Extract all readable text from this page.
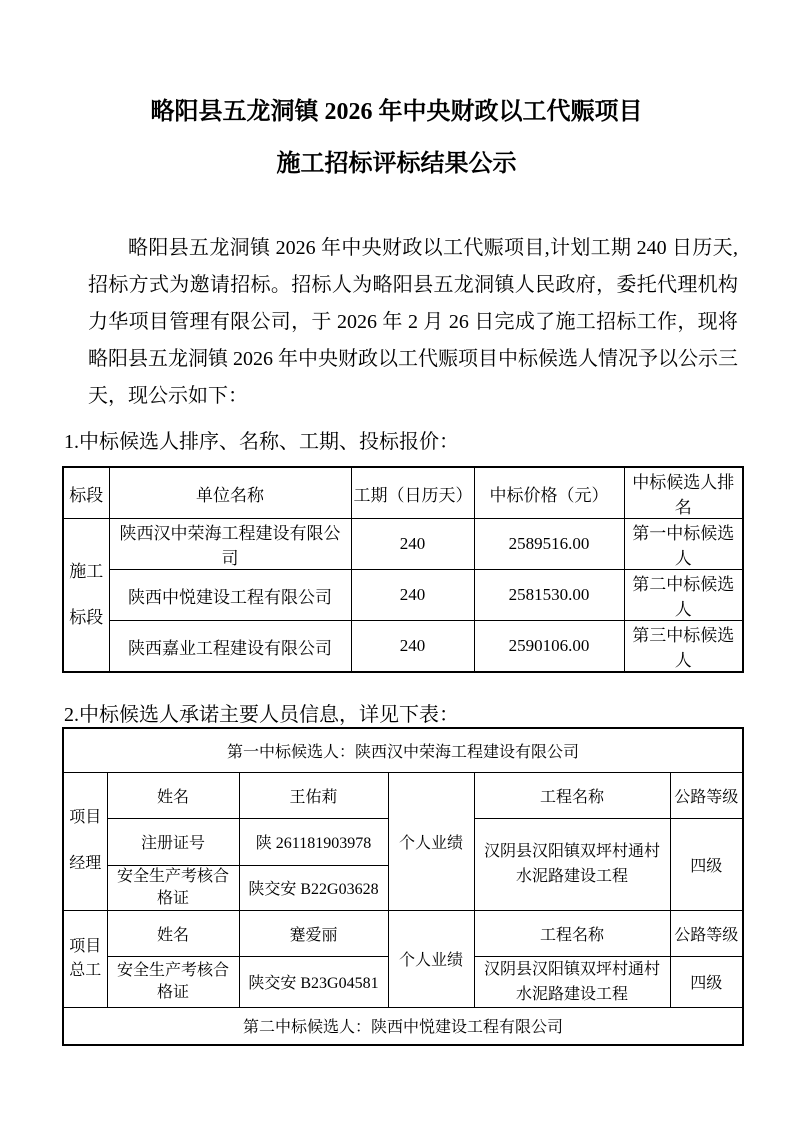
略阳县五龙洞镇 2026 年中央财政以工代赈项目
施工招标评标结果公示

略阳县五龙洞镇 2026 年中央财政以工代赈项目,计划工期 240 日历天,招标方式为邀请招标。招标人为略阳县五龙洞镇人民政府，委托代理机构力华项目管理有限公司，于 2026 年 2 月 26 日完成了施工招标工作，现将略阳县五龙洞镇 2026 年中央财政以工代赈项目中标候选人情况予以公示三天，现公示如下：

1.中标候选人排序、名称、工期、投标报价：
标段	单位名称	工期（日历天）	中标价格（元）	中标候选人排名
施工标段	陕西汉中荣海工程建设有限公司	240	2589516.00	第一中标候选人
	陕西中悦建设工程有限公司	240	2581530.00	第二中标候选人
	陕西嘉业工程建设有限公司	240	2590106.00	第三中标候选人
2.中标候选人承诺主要人员信息，详见下表：
第一中标候选人：陕西汉中荣海工程建设有限公司					
项目经理	姓名	王佑莉	个人业绩	工程名称	公路等级
	注册证号	陕 261181903978		汉阴县汉阳镇双坪村通村水泥路建设工程	四级
	安全生产考核合格证	陕交安 B22G03628			
项目总工	姓名	蹇爱丽	个人业绩	工程名称	公路等级
	安全生产考核合格证	陕交安 B23G04581		汉阴县汉阳镇双坪村通村水泥路建设工程	四级
第二中标候选人：陕西中悦建设工程有限公司					
